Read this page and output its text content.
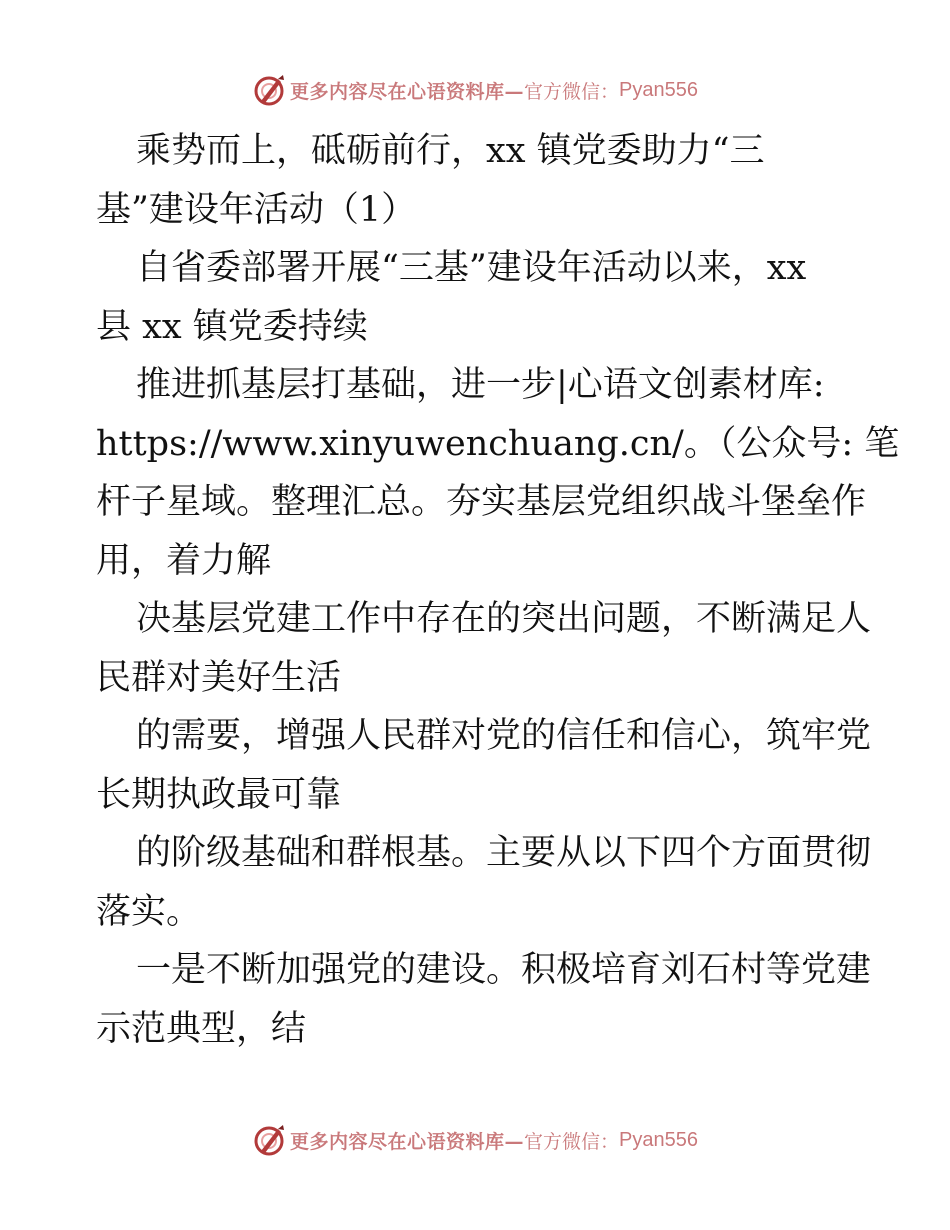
更多内容尽在心语资料库— 官方微信： Pyan556
乘势而上，砥砺前行，xx 镇党委助力“三
基”建设年活动（1）
自省委部署开展“三基”建设年活动以来，xx
县 xx 镇党委持续
推进抓基层打基础，进一步|心语文创素材库:
https://www.xinyuwenchuang.cn/。（公众号: 笔
杆子星域。整理汇总。夯实基层党组织战斗堡垒作
用，着力解
决基层党建工作中存在的突出问题，不断满足人
民群对美好生活
的需要，增强人民群对党的信任和信心，筑牢党
长期执政最可靠
的阶级基础和群根基。主要从以下四个方面贯彻
落实。
一是不断加强党的建设。积极培育刘石村等党建
示范典型，结
更多内容尽在心语资料库— 官方微信： Pyan556
